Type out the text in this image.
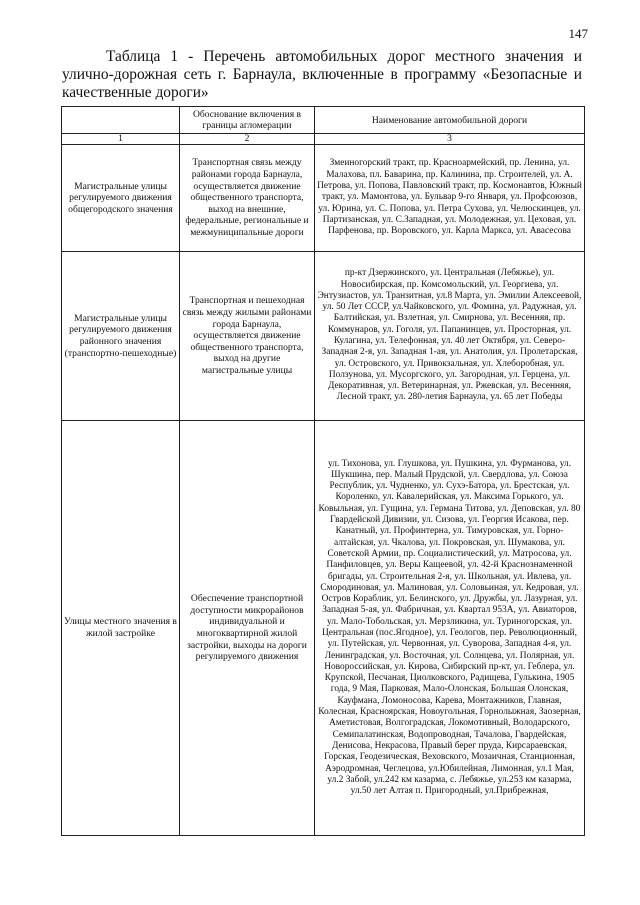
147
Таблица 1 - Перечень автомобильных дорог местного значения и улично-дорожная сеть г. Барнаула, включенные в программу «Безопасные и качественные дороги»
	Обоснование включения в границы агломерации	Наименование автомобильной дороги
1	2	3
Магистральные улицы регулируемого движения общегородского значения	Транспортная связь между районами города Барнаула, осуществляется движение общественного транспорта, выход на внешние, федеральные, региональные и межмуниципальные дороги	Змеиногорский тракт, пр. Красноармейский, пр. Ленина, ул. Малахова, пл. Баварина, пр. Калинина, пр. Строителей, ул. А. Петрова, ул. Попова, Павловский тракт, пр. Космонавтов, Южный тракт, ул. Мамонтова, ул. Бульвар 9-го Января, ул. Профсоюзов, ул. Юрина, ул. С. Попова, ул. Петра Сухова, ул. Челюскинцев, ул. Партизанская, ул. С.Западная, ул. Молодежная, ул. Цеховая, ул. Парфенова, пр. Воровского, ул. Карла Маркса, ул. Авасесова
Магистральные улицы регулируемого движения районного значения (транспортно-пешеходные)	Транспортная и пешеходная связь между жилыми районами города Барнаула, осуществляется движение общественного транспорта, выход на другие магистральные улицы	пр-кт Дзержинского, ул. Центральная (Лебяжье), ул. Новосибирская, пр. Комсомольский, ул. Георгиева, ул. Энтузиастов, ул. Транзитная, ул.8 Марта, ул. Эмилии Алексеевой, ул. 50 Лет СССР, ул.Чайковского, ул. Фомина, ул. Радужная, ул. Балтийская, ул. Взлетная, ул. Смирнова, ул. Весенняя, пр. Коммунаров, ул. Гоголя, ул. Папанинцев, ул. Просторная, ул. Кулагина, ул. Телефонная, ул. 40 лет Октября, ул. Северо-Западная 2-я, ул. Западная 1-ая, ул. Анатолия, ул. Пролетарская, ул. Островского, ул. Привокзальная, ул. Хлеборобная, ул. Ползунова, ул. Мусоргского, ул. Загородная, ул. Герцена, ул. Декоративная, ул. Ветеринарная, ул. Ржевская, ул. Весенняя, Лесной тракт, ул. 280-летия Барнаула, ул. 65 лет Победы
Улицы местного значения в жилой застройке	Обеспечение транспортной доступности микрорайонов индивидуальной и многоквартирной жилой застройки, выходы на дороги регулируемого движения	ул. Тихонова, ул. Глушкова, ул. Пушкина, ул. Фурманова, ул. Шукшина, пер. Малый Прудской, ул. Свердлова, ул. Союза Республик, ул. Чудненко, ул. Сухэ-Батора, ул. Брестская, ул. Короленко, ул. Кавалерийская, ул. Максима Горького, ул. Ковыльная, ул. Гущина, ул. Германа Титова, ул. Деповская, ул. 80 Гвардейской Дивизии, ул. Сизова, ул. Георгия Исакова, пер. Канатный, ул. Профинтерна, ул. Тимуровская, ул. Горно-алтайская, ул. Чкалова, ул. Покровская, ул. Шумакова, ул. Советской Армии, пр. Социалистический, ул. Матросова, ул. Панфиловцев, ул. Веры Кащеевой, ул. 42-й Краснознаменной бригады, ул. Строительная 2-я, ул. Школьная, ул. Ивлева, ул. Смородиновая, ул. Малиновая, ул. Соловьиная, ул. Кедровая, ул. Остров Кораблик, ул. Белинского, ул. Дружбы, ул. Лазурная, ул. Западная 5-ая, ул. Фабричная, ул. Квартал 953А, ул. Авиаторов, ул. Мало-Тобольская, ул. Мерзликина, ул. Туриногорская, ул. Центральная (пос.Ягодное), ул. Геологов, пер. Революционный, ул. Путейская, ул. Червонная, ул. Суворова, Западная 4-я, ул. Ленинградская, ул. Восточная, ул. Солнцева, ул. Полярная, ул. Новороссийская, ул. Кирова, Сибирский пр-кт, ул. Геблера, ул. Крупской, Песчаная, Циолковского, Радищева, Гулькина, 1905 года, 9 Мая, Парковая, Мало-Олонская, Большая Олонская, Кауфмана, Ломоносова, Карева, Монтажников, Главная, Колесная, Красноярская, Новоугольная, Горнолыжная, Заозерная, Аметистовая, Волгоградская, Локомотивный, Володарского, Семипалатинская, Водопроводная, Тачалова, Гвардейская, Денисова, Некрасова, Правый берег пруда, Кирсараевская, Горская, Геодезическая, Веховского, Мозаичная, Станционная, Аэродромная, Чеглецова, ул.Юбилейная, Лимонная, ул.1 Мая, ул.2 Забой, ул.242 км казарма, с. Лебяжье, ул.253 км казарма, ул.50 лет Алтая п. Пригородный, ул.Прибрежная,
